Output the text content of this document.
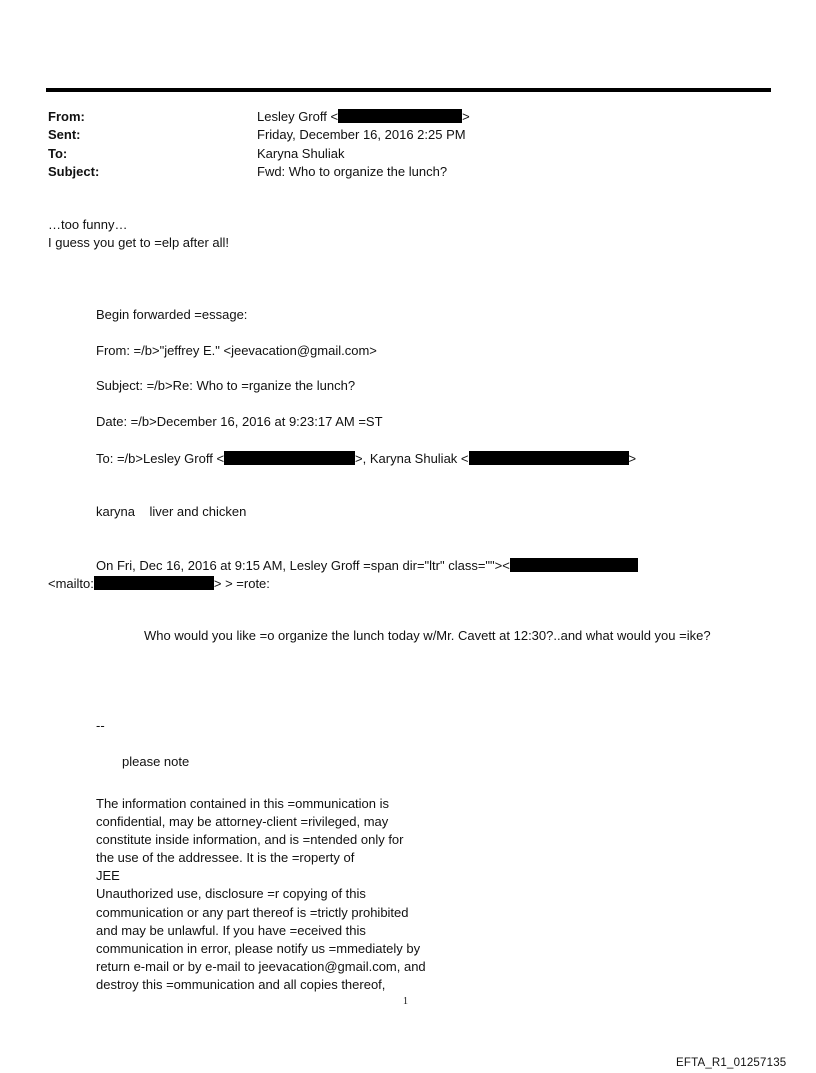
From:	Lesley Groff <	>
Sent:	Friday, December 16, 2016 2:25 PM
To:	Karyna Shuliak
Subject:	Fwd: Who to organize the lunch?
…too funny…
I guess you get to =elp after all!
Begin forwarded =essage:
From: =/b>"jeffrey E." <jeevacation@gmail.com>
Subject: =/b>Re: Who to =rganize the lunch?
Date: =/b>December 16, 2016 at 9:23:17 AM =ST
To: =/b>Lesley Groff <	>, Karyna Shuliak <	>
karyna    liver and chicken
On Fri, Dec 16, 2016 at 9:15 AM, Lesley Groff =span dir="ltr" class=""><
<mailto:	> > =rote:
Who would you like =o organize the lunch today w/Mr. Cavett at 12:30?..and what would you =ike?
--
please note
The information contained in this =ommunication is
confidential, may be attorney-client =rivileged, may
constitute inside information, and is =ntended only for
the use of the addressee. It is the =roperty of
JEE
Unauthorized use, disclosure =r copying of this
communication or any part thereof is =trictly prohibited
and may be unlawful. If you have =eceived this
communication in error, please notify us =mmediately by
return e-mail or by e-mail to jeevacation@gmail.com, and
destroy this =ommunication and all copies thereof,
1
EFTA_R1_01257135
